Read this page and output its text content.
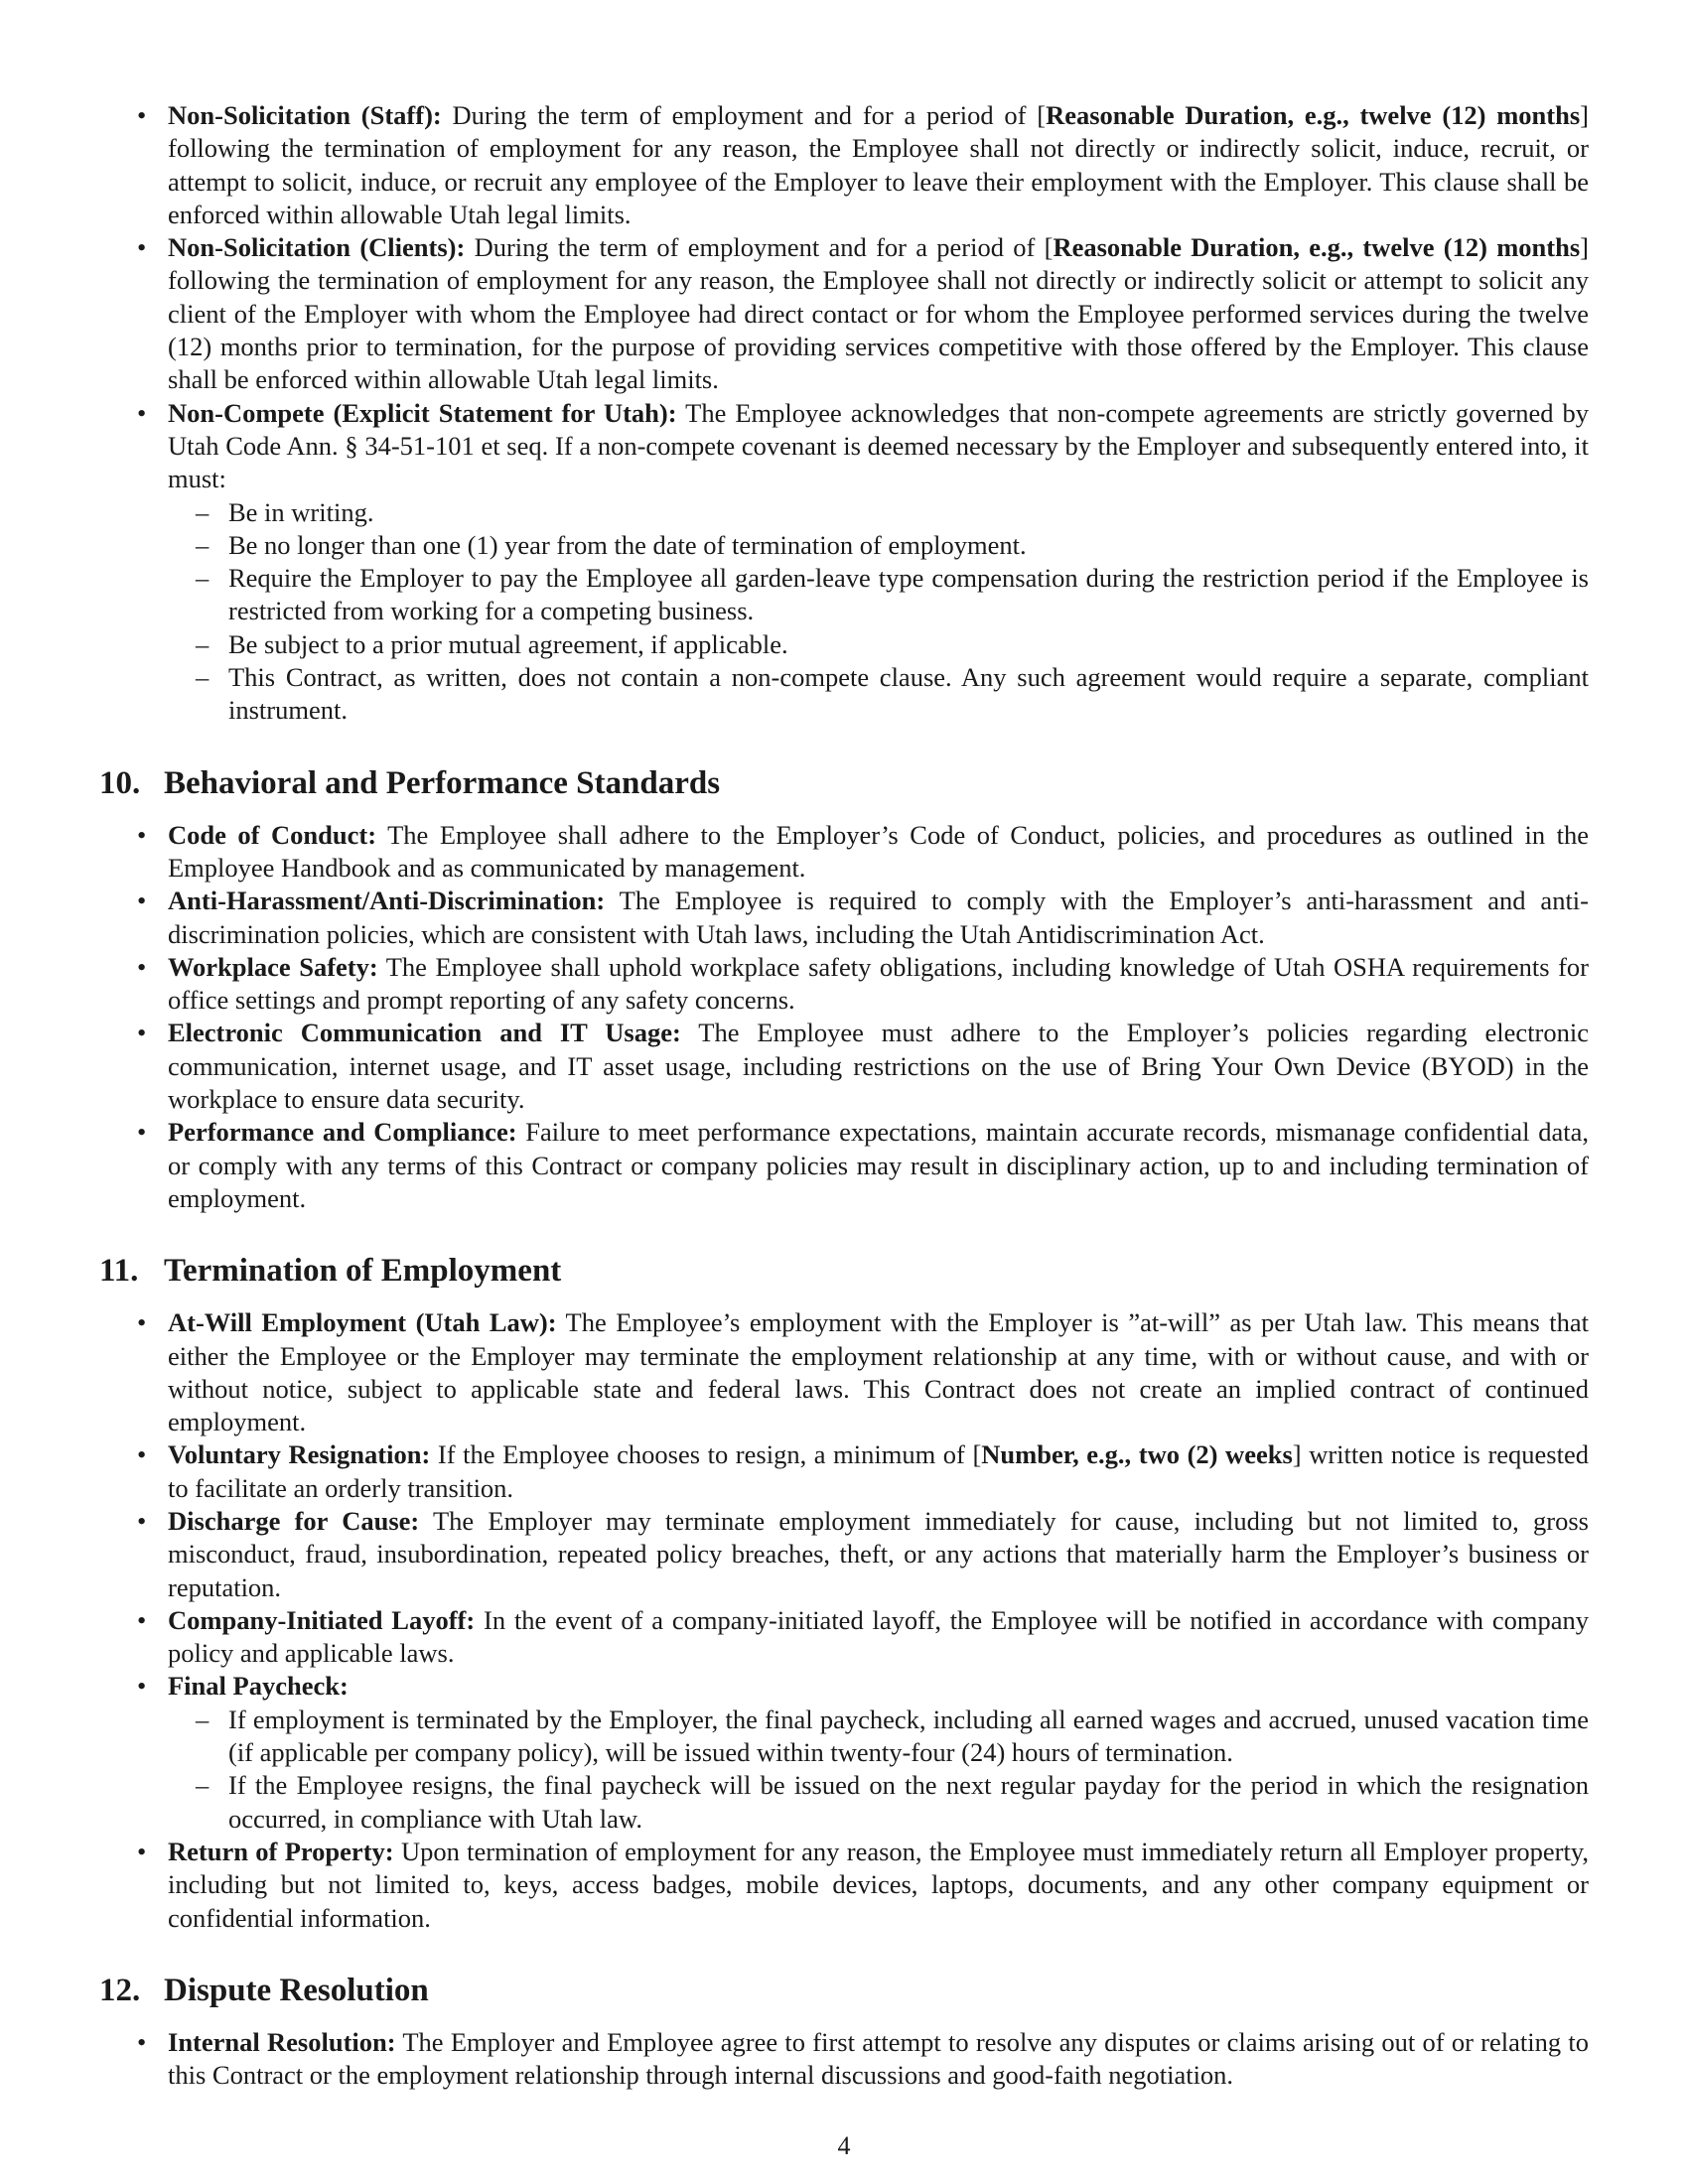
• Non-Solicitation (Staff): During the term of employment and for a period of [Reasonable Duration, e.g., twelve (12) months] following the termination of employment for any reason, the Employee shall not directly or indirectly solicit, induce, recruit, or attempt to solicit, induce, or recruit any employee of the Employer to leave their employment with the Employer. This clause shall be enforced within allowable Utah legal limits.
• Non-Solicitation (Clients): During the term of employment and for a period of [Reasonable Duration, e.g., twelve (12) months] following the termination of employment for any reason, the Employee shall not directly or indirectly solicit or attempt to solicit any client of the Employer with whom the Employee had direct contact or for whom the Employee performed services during the twelve (12) months prior to termination, for the purpose of providing services competitive with those offered by the Employer. This clause shall be enforced within allowable Utah legal limits.
• Non-Compete (Explicit Statement for Utah): The Employee acknowledges that non-compete agreements are strictly governed by Utah Code Ann. § 34-51-101 et seq. If a non-compete covenant is deemed necessary by the Employer and subsequently entered into, it must:
– Be in writing.
– Be no longer than one (1) year from the date of termination of employment.
– Require the Employer to pay the Employee all garden-leave type compensation during the restriction period if the Employee is restricted from working for a competing business.
– Be subject to a prior mutual agreement, if applicable.
– This Contract, as written, does not contain a non-compete clause. Any such agreement would require a separate, compliant instrument.
10. Behavioral and Performance Standards
• Code of Conduct: The Employee shall adhere to the Employer’s Code of Conduct, policies, and procedures as outlined in the Employee Handbook and as communicated by management.
• Anti-Harassment/Anti-Discrimination: The Employee is required to comply with the Employer’s anti-harassment and anti-discrimination policies, which are consistent with Utah laws, including the Utah Antidiscrimination Act.
• Workplace Safety: The Employee shall uphold workplace safety obligations, including knowledge of Utah OSHA requirements for office settings and prompt reporting of any safety concerns.
• Electronic Communication and IT Usage: The Employee must adhere to the Employer’s policies regarding electronic communication, internet usage, and IT asset usage, including restrictions on the use of Bring Your Own Device (BYOD) in the workplace to ensure data security.
• Performance and Compliance: Failure to meet performance expectations, maintain accurate records, mismanage confidential data, or comply with any terms of this Contract or company policies may result in disciplinary action, up to and including termination of employment.
11. Termination of Employment
• At-Will Employment (Utah Law): The Employee’s employment with the Employer is ”at-will” as per Utah law. This means that either the Employee or the Employer may terminate the employment relationship at any time, with or without cause, and with or without notice, subject to applicable state and federal laws. This Contract does not create an implied contract of continued employment.
• Voluntary Resignation: If the Employee chooses to resign, a minimum of [Number, e.g., two (2) weeks] written notice is requested to facilitate an orderly transition.
• Discharge for Cause: The Employer may terminate employment immediately for cause, including but not limited to, gross misconduct, fraud, insubordination, repeated policy breaches, theft, or any actions that materially harm the Employer’s business or reputation.
• Company-Initiated Layoff: In the event of a company-initiated layoff, the Employee will be notified in accordance with company policy and applicable laws.
• Final Paycheck:
– If employment is terminated by the Employer, the final paycheck, including all earned wages and accrued, unused vacation time (if applicable per company policy), will be issued within twenty-four (24) hours of termination.
– If the Employee resigns, the final paycheck will be issued on the next regular payday for the period in which the resignation occurred, in compliance with Utah law.
• Return of Property: Upon termination of employment for any reason, the Employee must immediately return all Employer property, including but not limited to, keys, access badges, mobile devices, laptops, documents, and any other company equipment or confidential information.
12. Dispute Resolution
• Internal Resolution: The Employer and Employee agree to first attempt to resolve any disputes or claims arising out of or relating to this Contract or the employment relationship through internal discussions and good-faith negotiation.
4
